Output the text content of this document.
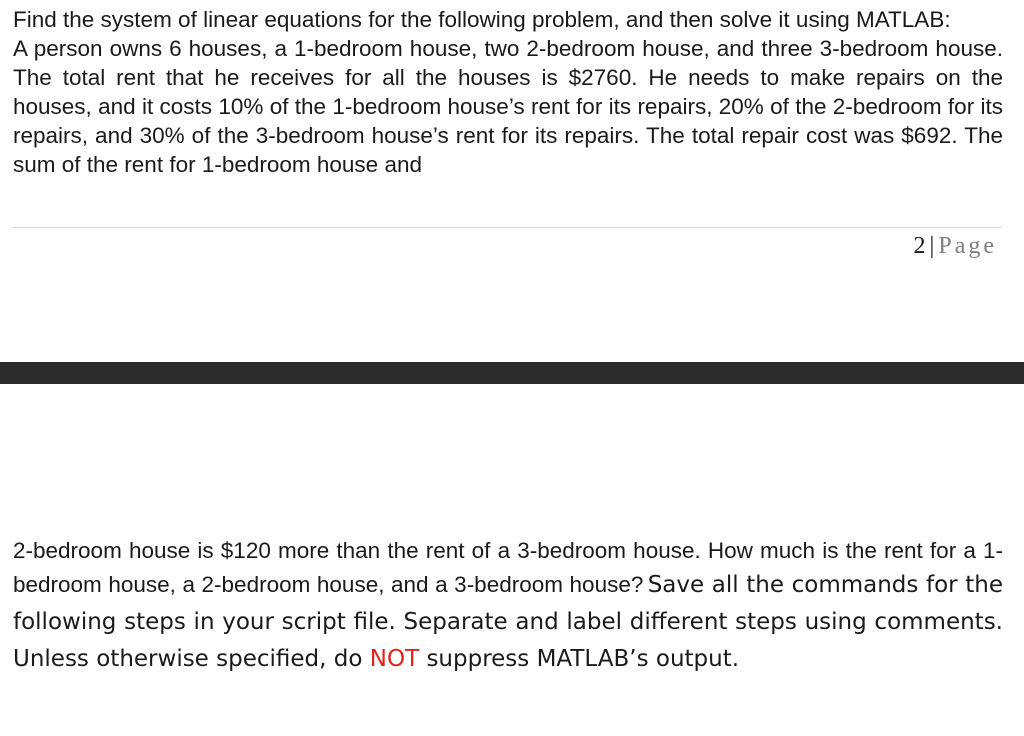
Find the system of linear equations for the following problem, and then solve it using MATLAB:

A person owns 6 houses, a 1-bedroom house, two 2-bedroom house, and three 3-bedroom house. The total rent that he receives for all the houses is $2760. He needs to make repairs on the houses, and it costs 10% of the 1-bedroom house’s rent for its repairs, 20% of the 2-bedroom for its repairs, and 30% of the 3-bedroom house’s rent for its repairs. The total repair cost was $692. The sum of the rent for 1-bedroom house and

2 | Page

2-bedroom house is $120 more than the rent of a 3-bedroom house. How much is the rent for a 1-bedroom house, a 2-bedroom house, and a 3-bedroom house?

Save all the commands for the following steps in your script file. Separate and label different steps using comments. Unless otherwise specified, do NOT suppress MATLAB’s output.
